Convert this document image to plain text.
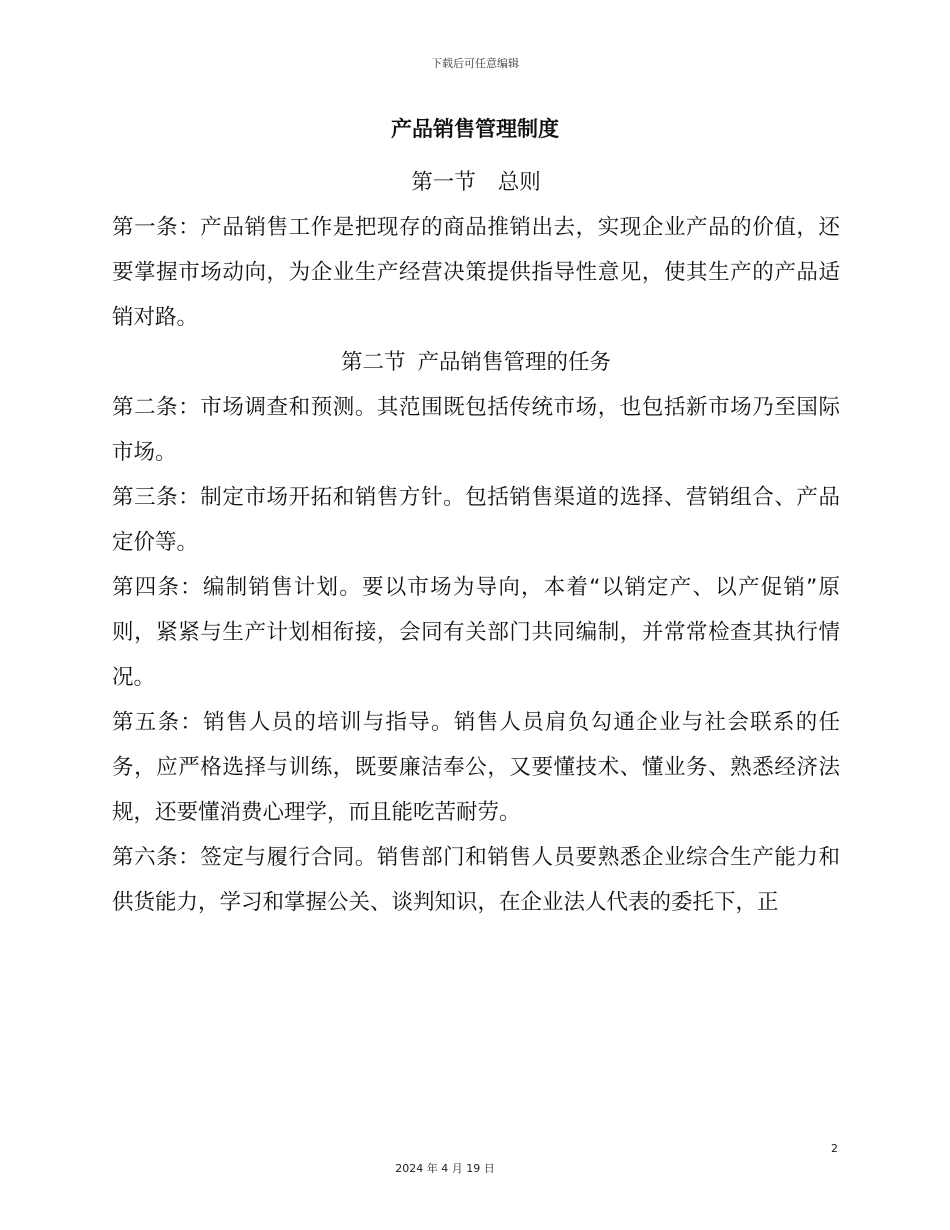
下载后可任意编辑
产品销售管理制度
第一节 总则

第一条：产品销售工作是把现存的商品推销出去，实现企业产品的价值，还要掌握市场动向，为企业生产经营决策提供指导性意见，使其生产的产品适销对路。

第二节 产品销售管理的任务

第二条：市场调查和预测。其范围既包括传统市场，也包括新市场乃至国际市场。

第三条：制定市场开拓和销售方针。包括销售渠道的选择、营销组合、产品定价等。

第四条：编制销售计划。要以市场为导向，本着“以销定产、以产促销”原则，紧紧与生产计划相衔接，会同有关部门共同编制，并常常检查其执行情况。

第五条：销售人员的培训与指导。销售人员肩负勾通企业与社会联系的任务，应严格选择与训练，既要廉洁奉公，又要懂技术、懂业务、熟悉经济法规，还要懂消费心理学，而且能吃苦耐劳。

第六条：签定与履行合同。销售部门和销售人员要熟悉企业综合生产能力和供货能力，学习和掌握公关、谈判知识，在企业法人代表的委托下，正

2
2024 年 4 月 19 日
